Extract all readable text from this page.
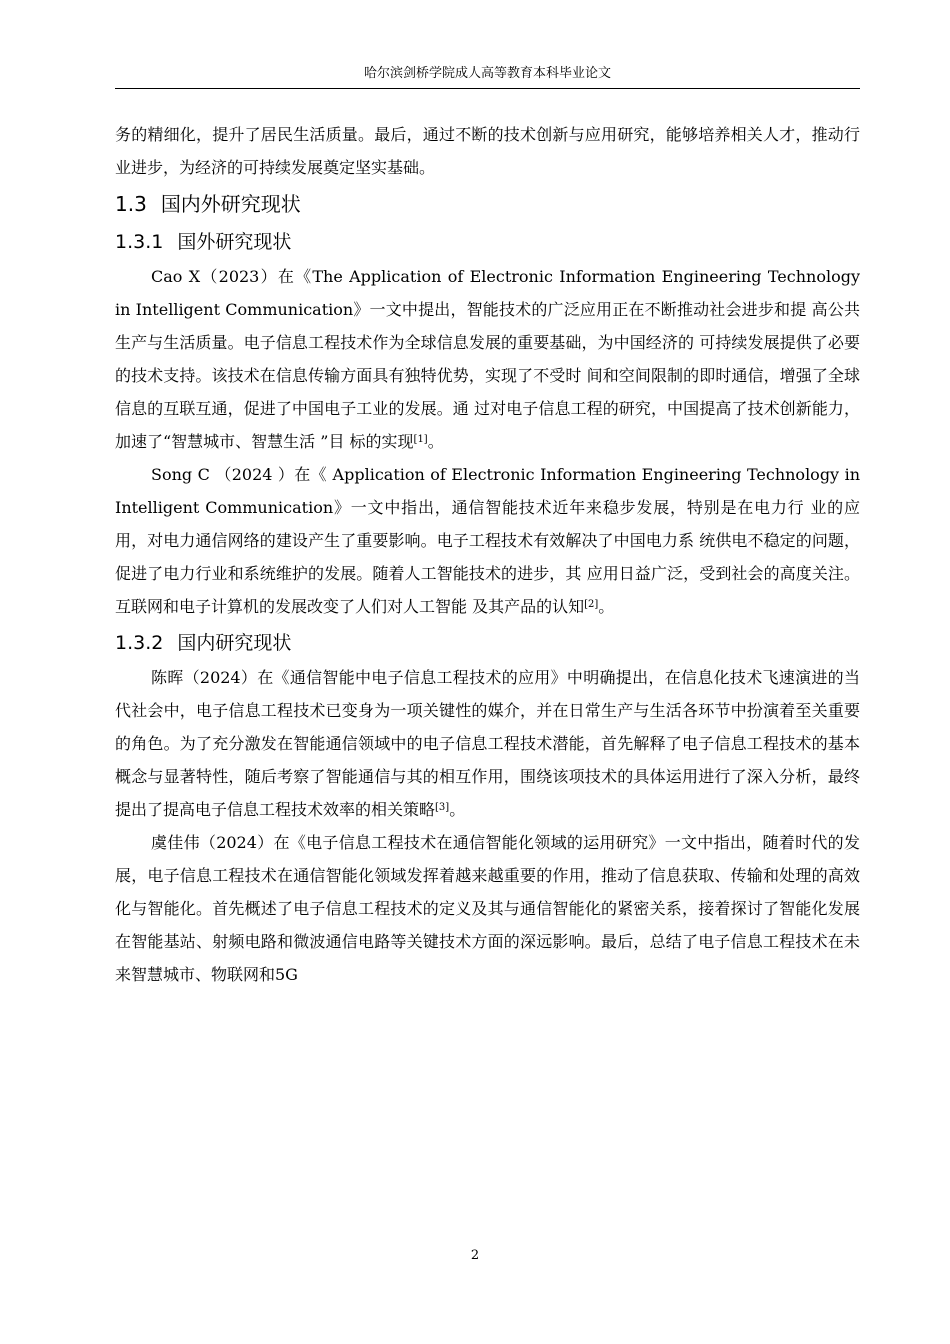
哈尔滨剑桥学院成人高等教育本科毕业论文

务的精细化，提升了居民生活质量。最后，通过不断的技术创新与应用研究，能够培养相关人才，推动行业进步，为经济的可持续发展奠定坚实基础。

1.3 国内外研究现状
1.3.1 国外研究现状

Cao X（2023）在《The Application of Electronic Information Engineering Technology in Intelligent Communication》一文中提出，智能技术的广泛应用正在不断推动社会进步和提 高公共生产与生活质量。电子信息工程技术作为全球信息发展的重要基础，为中国经济的 可持续发展提供了必要的技术支持。该技术在信息传输方面具有独特优势，实现了不受时 间和空间限制的即时通信，增强了全球信息的互联互通，促进了中国电子工业的发展。通 过对电子信息工程的研究，中国提高了技术创新能力，加速了“智慧城市、智慧生活 ”目 标的实现[1]。

Song C （2024 ）在《 Application of Electronic Information Engineering Technology in Intelligent Communication》一文中指出，通信智能技术近年来稳步发展，特别是在电力行 业的应用，对电力通信网络的建设产生了重要影响。电子工程技术有效解决了中国电力系 统供电不稳定的问题，促进了电力行业和系统维护的发展。随着人工智能技术的进步，其 应用日益广泛，受到社会的高度关注。互联网和电子计算机的发展改变了人们对人工智能 及其产品的认知[2]。

1.3.2 国内研究现状

陈晖（2024）在《通信智能中电子信息工程技术的应用》中明确提出，在信息化技术飞速演进的当代社会中，电子信息工程技术已变身为一项关键性的媒介，并在日常生产与生活各环节中扮演着至关重要的角色。为了充分激发在智能通信领域中的电子信息工程技术潜能，首先解释了电子信息工程技术的基本概念与显著特性，随后考察了智能通信与其的相互作用，围绕该项技术的具体运用进行了深入分析，最终提出了提高电子信息工程技术效率的相关策略[3]。

虞佳伟（2024）在《电子信息工程技术在通信智能化领域的运用研究》一文中指出，随着时代的发展，电子信息工程技术在通信智能化领域发挥着越来越重要的作用，推动了信息获取、传输和处理的高效化与智能化。首先概述了电子信息工程技术的定义及其与通信智能化的紧密关系，接着探讨了智能化发展在智能基站、射频电路和微波通信电路等关键技术方面的深远影响。最后，总结了电子信息工程技术在未来智慧城市、物联网和5G

2
